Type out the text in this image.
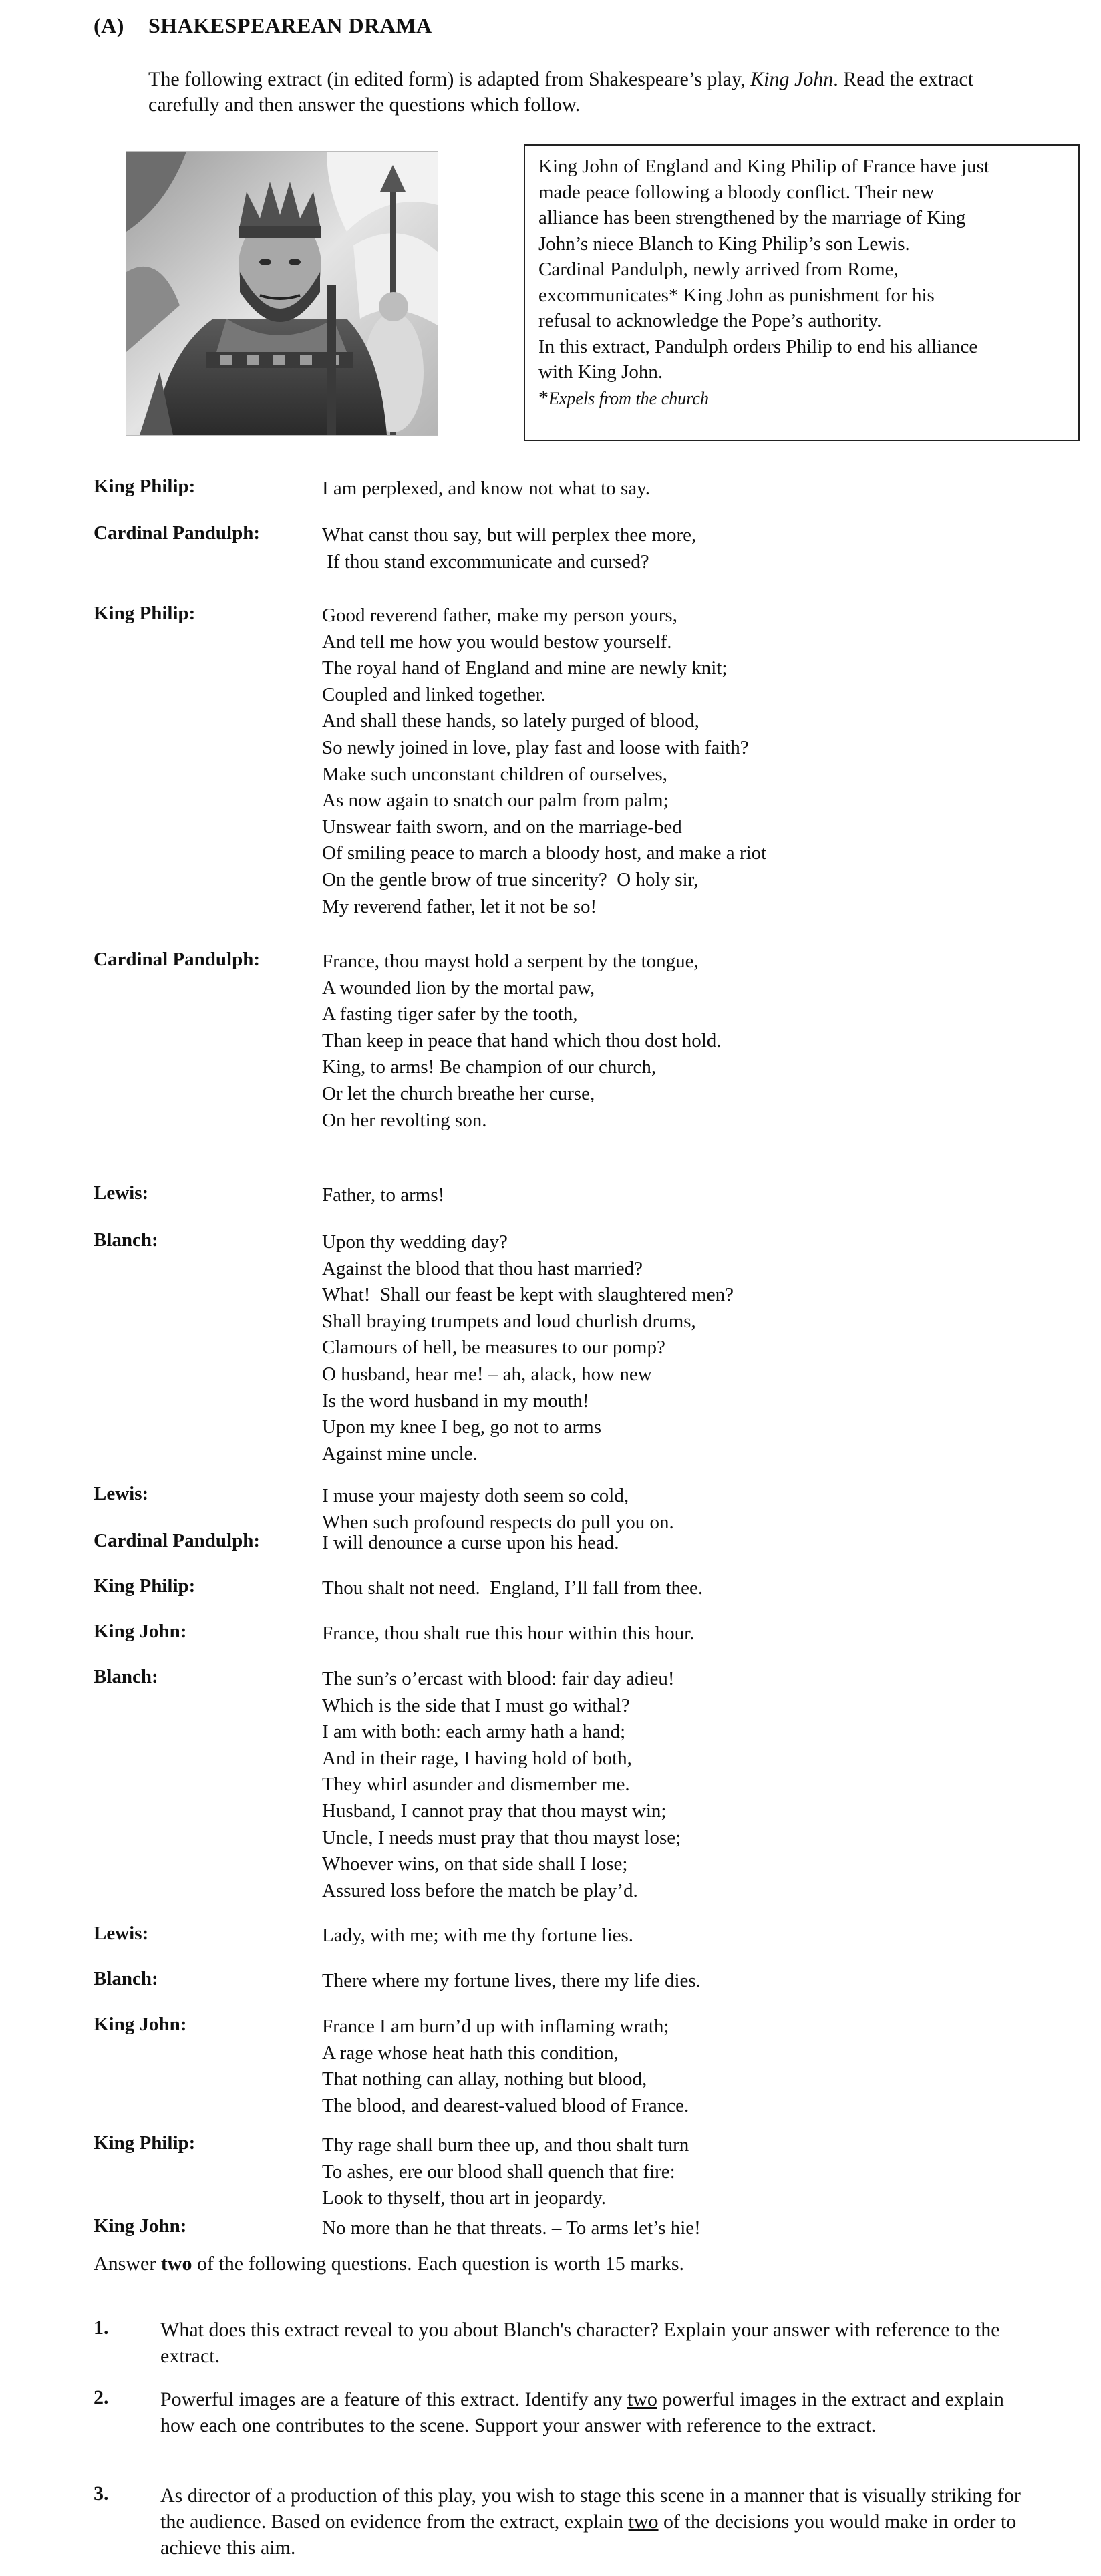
(A) SHAKESPEAREAN DRAMA
The following extract (in edited form) is adapted from Shakespeare’s play, King John. Read the extract carefully and then answer the questions which follow.
King John of England and King Philip of France have just
made peace following a bloody conflict. Their new
alliance has been strengthened by the marriage of King
John’s niece Blanch to King Philip’s son Lewis.
Cardinal Pandulph, newly arrived from Rome,
excommunicates* King John as punishment for his
refusal to acknowledge the Pope’s authority.
In this extract, Pandulph orders Philip to end his alliance
with King John.
*Expels from the church
King Philip:	I am perplexed, and know not what to say.
Cardinal Pandulph:	What canst thou say, but will perplex thee more,
If thou stand excommunicate and cursed?
King Philip:	Good reverend father, make my person yours,
And tell me how you would bestow yourself.
The royal hand of England and mine are newly knit;
Coupled and linked together.
And shall these hands, so lately purged of blood,
So newly joined in love, play fast and loose with faith?
Make such unconstant children of ourselves,
As now again to snatch our palm from palm;
Unswear faith sworn, and on the marriage-bed
Of smiling peace to march a bloody host, and make a riot
On the gentle brow of true sincerity?  O holy sir,
My reverend father, let it not be so!
Cardinal Pandulph:	France, thou mayst hold a serpent by the tongue,
A wounded lion by the mortal paw,
A fasting tiger safer by the tooth,
Than keep in peace that hand which thou dost hold.
King, to arms! Be champion of our church,
Or let the church breathe her curse,
On her revolting son.
Lewis:	Father, to arms!
Blanch:	Upon thy wedding day?
Against the blood that thou hast married?
What!  Shall our feast be kept with slaughtered men?
Shall braying trumpets and loud churlish drums,
Clamours of hell, be measures to our pomp?
O husband, hear me! – ah, alack, how new
Is the word husband in my mouth!
Upon my knee I beg, go not to arms
Against mine uncle.
Lewis:	I muse your majesty doth seem so cold,
When such profound respects do pull you on.
Cardinal Pandulph:	I will denounce a curse upon his head.
King Philip:	Thou shalt not need.  England, I’ll fall from thee.
King John:	France, thou shalt rue this hour within this hour.
Blanch:	The sun’s o’ercast with blood: fair day adieu!
Which is the side that I must go withal?
I am with both: each army hath a hand;
And in their rage, I having hold of both,
They whirl asunder and dismember me.
Husband, I cannot pray that thou mayst win;
Uncle, I needs must pray that thou mayst lose;
Whoever wins, on that side shall I lose;
Assured loss before the match be play’d.
Lewis:	Lady, with me; with me thy fortune lies.
Blanch:	There where my fortune lives, there my life dies.
King John:	France I am burn’d up with inflaming wrath;
A rage whose heat hath this condition,
That nothing can allay, nothing but blood,
The blood, and dearest-valued blood of France.
King Philip:	Thy rage shall burn thee up, and thou shalt turn
To ashes, ere our blood shall quench that fire:
Look to thyself, thou art in jeopardy.
King John:	No more than he that threats. – To arms let’s hie!
Answer two of the following questions. Each question is worth 15 marks.
1.	What does this extract reveal to you about Blanch's character? Explain your answer with reference to the extract.
2.	Powerful images are a feature of this extract. Identify any two powerful images in the extract and explain how each one contributes to the scene. Support your answer with reference to the extract.
3.	As director of a production of this play, you wish to stage this scene in a manner that is visually striking for the audience. Based on evidence from the extract, explain two of the decisions you would make in order to achieve this aim.
